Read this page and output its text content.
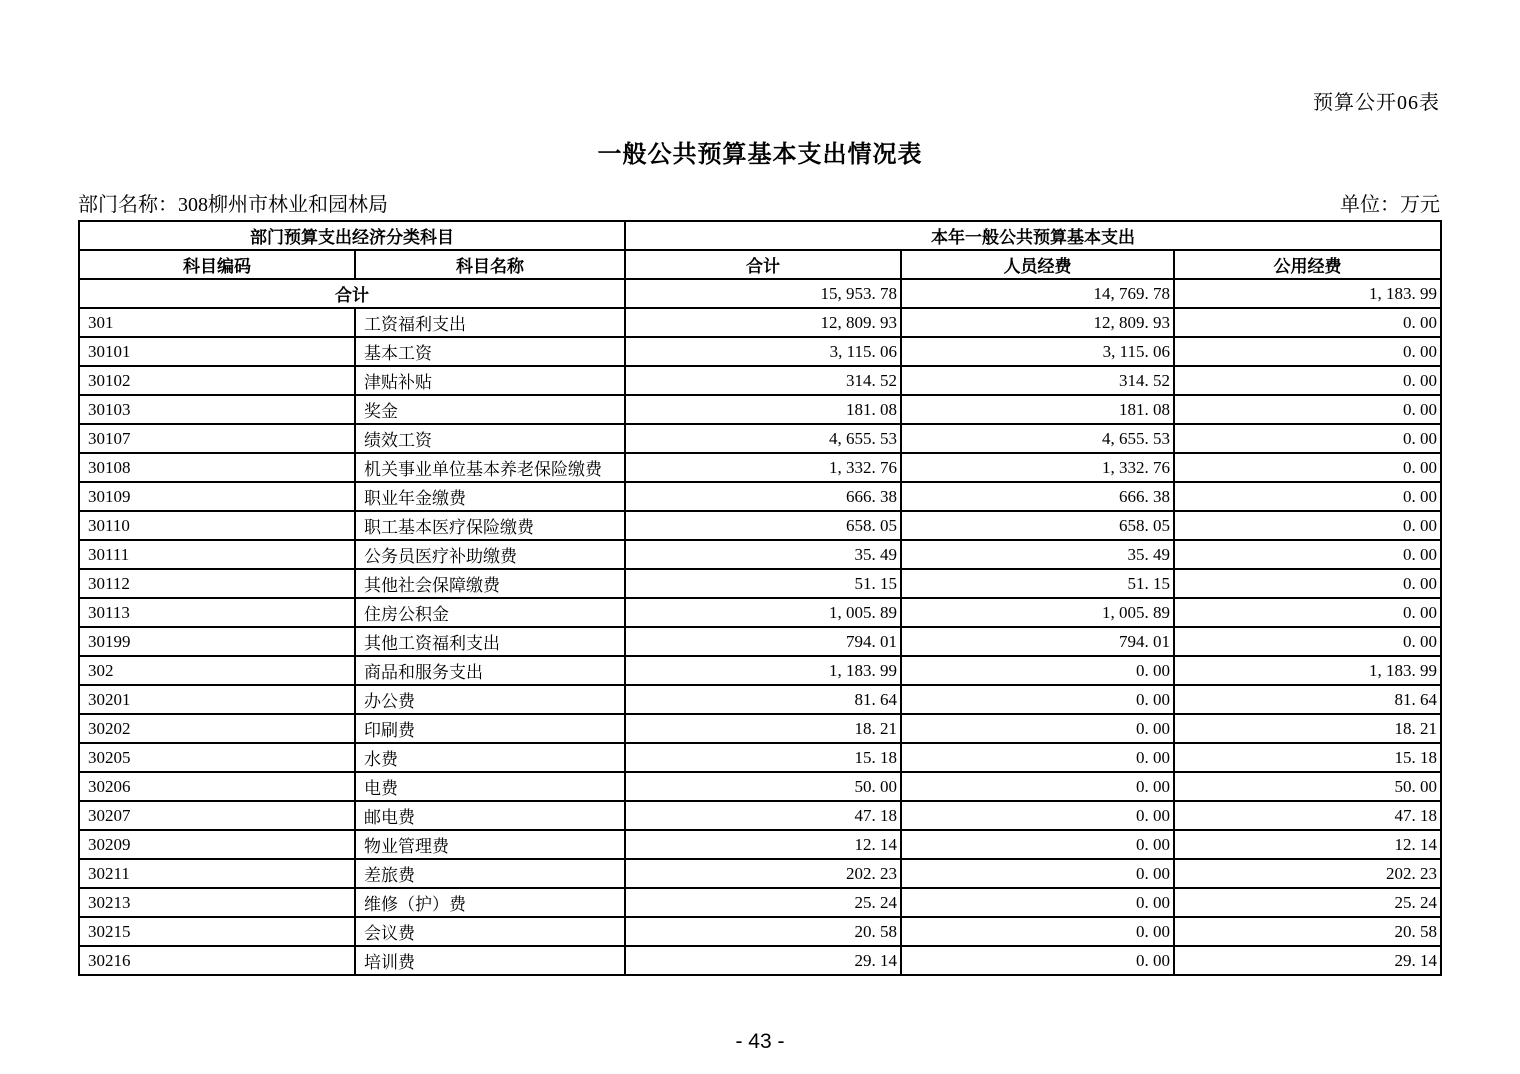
预算公开06表
一般公共预算基本支出情况表
部门名称：308柳州市林业和园林局	单位：万元
部门预算支出经济分类科目		本年一般公共预算基本支出		
科目编码	科目名称	合计	人员经费	公用经费
合计		15, 953. 78	14, 769. 78	1, 183. 99
301	工资福利支出	12, 809. 93	12, 809. 93	0. 00
30101	基本工资	3, 115. 06	3, 115. 06	0. 00
30102	津贴补贴	314. 52	314. 52	0. 00
30103	奖金	181. 08	181. 08	0. 00
30107	绩效工资	4, 655. 53	4, 655. 53	0. 00
30108	机关事业单位基本养老保险缴费	1, 332. 76	1, 332. 76	0. 00
30109	职业年金缴费	666. 38	666. 38	0. 00
30110	职工基本医疗保险缴费	658. 05	658. 05	0. 00
30111	公务员医疗补助缴费	35. 49	35. 49	0. 00
30112	其他社会保障缴费	51. 15	51. 15	0. 00
30113	住房公积金	1, 005. 89	1, 005. 89	0. 00
30199	其他工资福利支出	794. 01	794. 01	0. 00
302	商品和服务支出	1, 183. 99	0. 00	1, 183. 99
30201	办公费	81. 64	0. 00	81. 64
30202	印刷费	18. 21	0. 00	18. 21
30205	水费	15. 18	0. 00	15. 18
30206	电费	50. 00	0. 00	50. 00
30207	邮电费	47. 18	0. 00	47. 18
30209	物业管理费	12. 14	0. 00	12. 14
30211	差旅费	202. 23	0. 00	202. 23
30213	维修（护）费	25. 24	0. 00	25. 24
30215	会议费	20. 58	0. 00	20. 58
30216	培训费	29. 14	0. 00	29. 14
- 43 -
